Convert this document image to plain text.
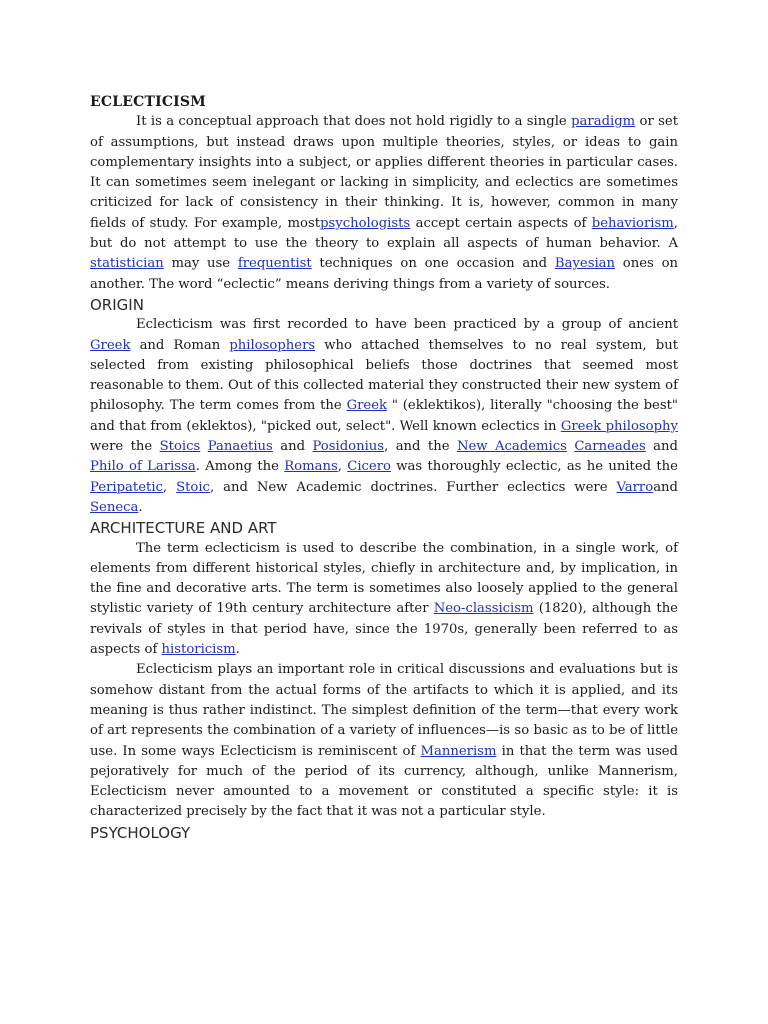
ECLECTICISM

It is a conceptual approach that does not hold rigidly to a single paradigm or set of assumptions, but instead draws upon multiple theories, styles, or ideas to gain complementary insights into a subject, or applies different theories in particular cases. It can sometimes seem inelegant or lacking in simplicity, and eclectics are sometimes criticized for lack of consistency in their thinking. It is, however, common in many fields of study. For example, mostpsychologists accept certain aspects of behaviorism, but do not attempt to use the theory to explain all aspects of human behavior. A statistician may use frequentist techniques on one occasion and Bayesian ones on another. The word “eclectic” means deriving things from a variety of sources.

ORIGIN

Eclecticism was first recorded to have been practiced by a group of ancient Greek and Roman philosophers who attached themselves to no real system, but selected from existing philosophical beliefs those doctrines that seemed most reasonable to them. Out of this collected material they constructed their new system of philosophy. The term comes from the Greek " (eklektikos), literally "choosing the best" and that from (eklektos), "picked out, select". Well known eclectics in Greek philosophy were the Stoics Panaetius and Posidonius, and the New Academics Carneades and Philo of Larissa. Among the Romans, Cicero was thoroughly eclectic, as he united the Peripatetic, Stoic, and New Academic doctrines. Further eclectics were Varroand Seneca.

ARCHITECTURE AND ART

The term eclecticism is used to describe the combination, in a single work, of elements from different historical styles, chiefly in architecture and, by implication, in the fine and decorative arts. The term is sometimes also loosely applied to the general stylistic variety of 19th century architecture after Neo-classicism (1820), although the revivals of styles in that period have, since the 1970s, generally been referred to as aspects of historicism.

Eclecticism plays an important role in critical discussions and evaluations but is somehow distant from the actual forms of the artifacts to which it is applied, and its meaning is thus rather indistinct. The simplest definition of the term—that every work of art represents the combination of a variety of influences—is so basic as to be of little use. In some ways Eclecticism is reminiscent of Mannerism in that the term was used pejoratively for much of the period of its currency, although, unlike Mannerism, Eclecticism never amounted to a movement or constituted a specific style: it is characterized precisely by the fact that it was not a particular style.

PSYCHOLOGY
